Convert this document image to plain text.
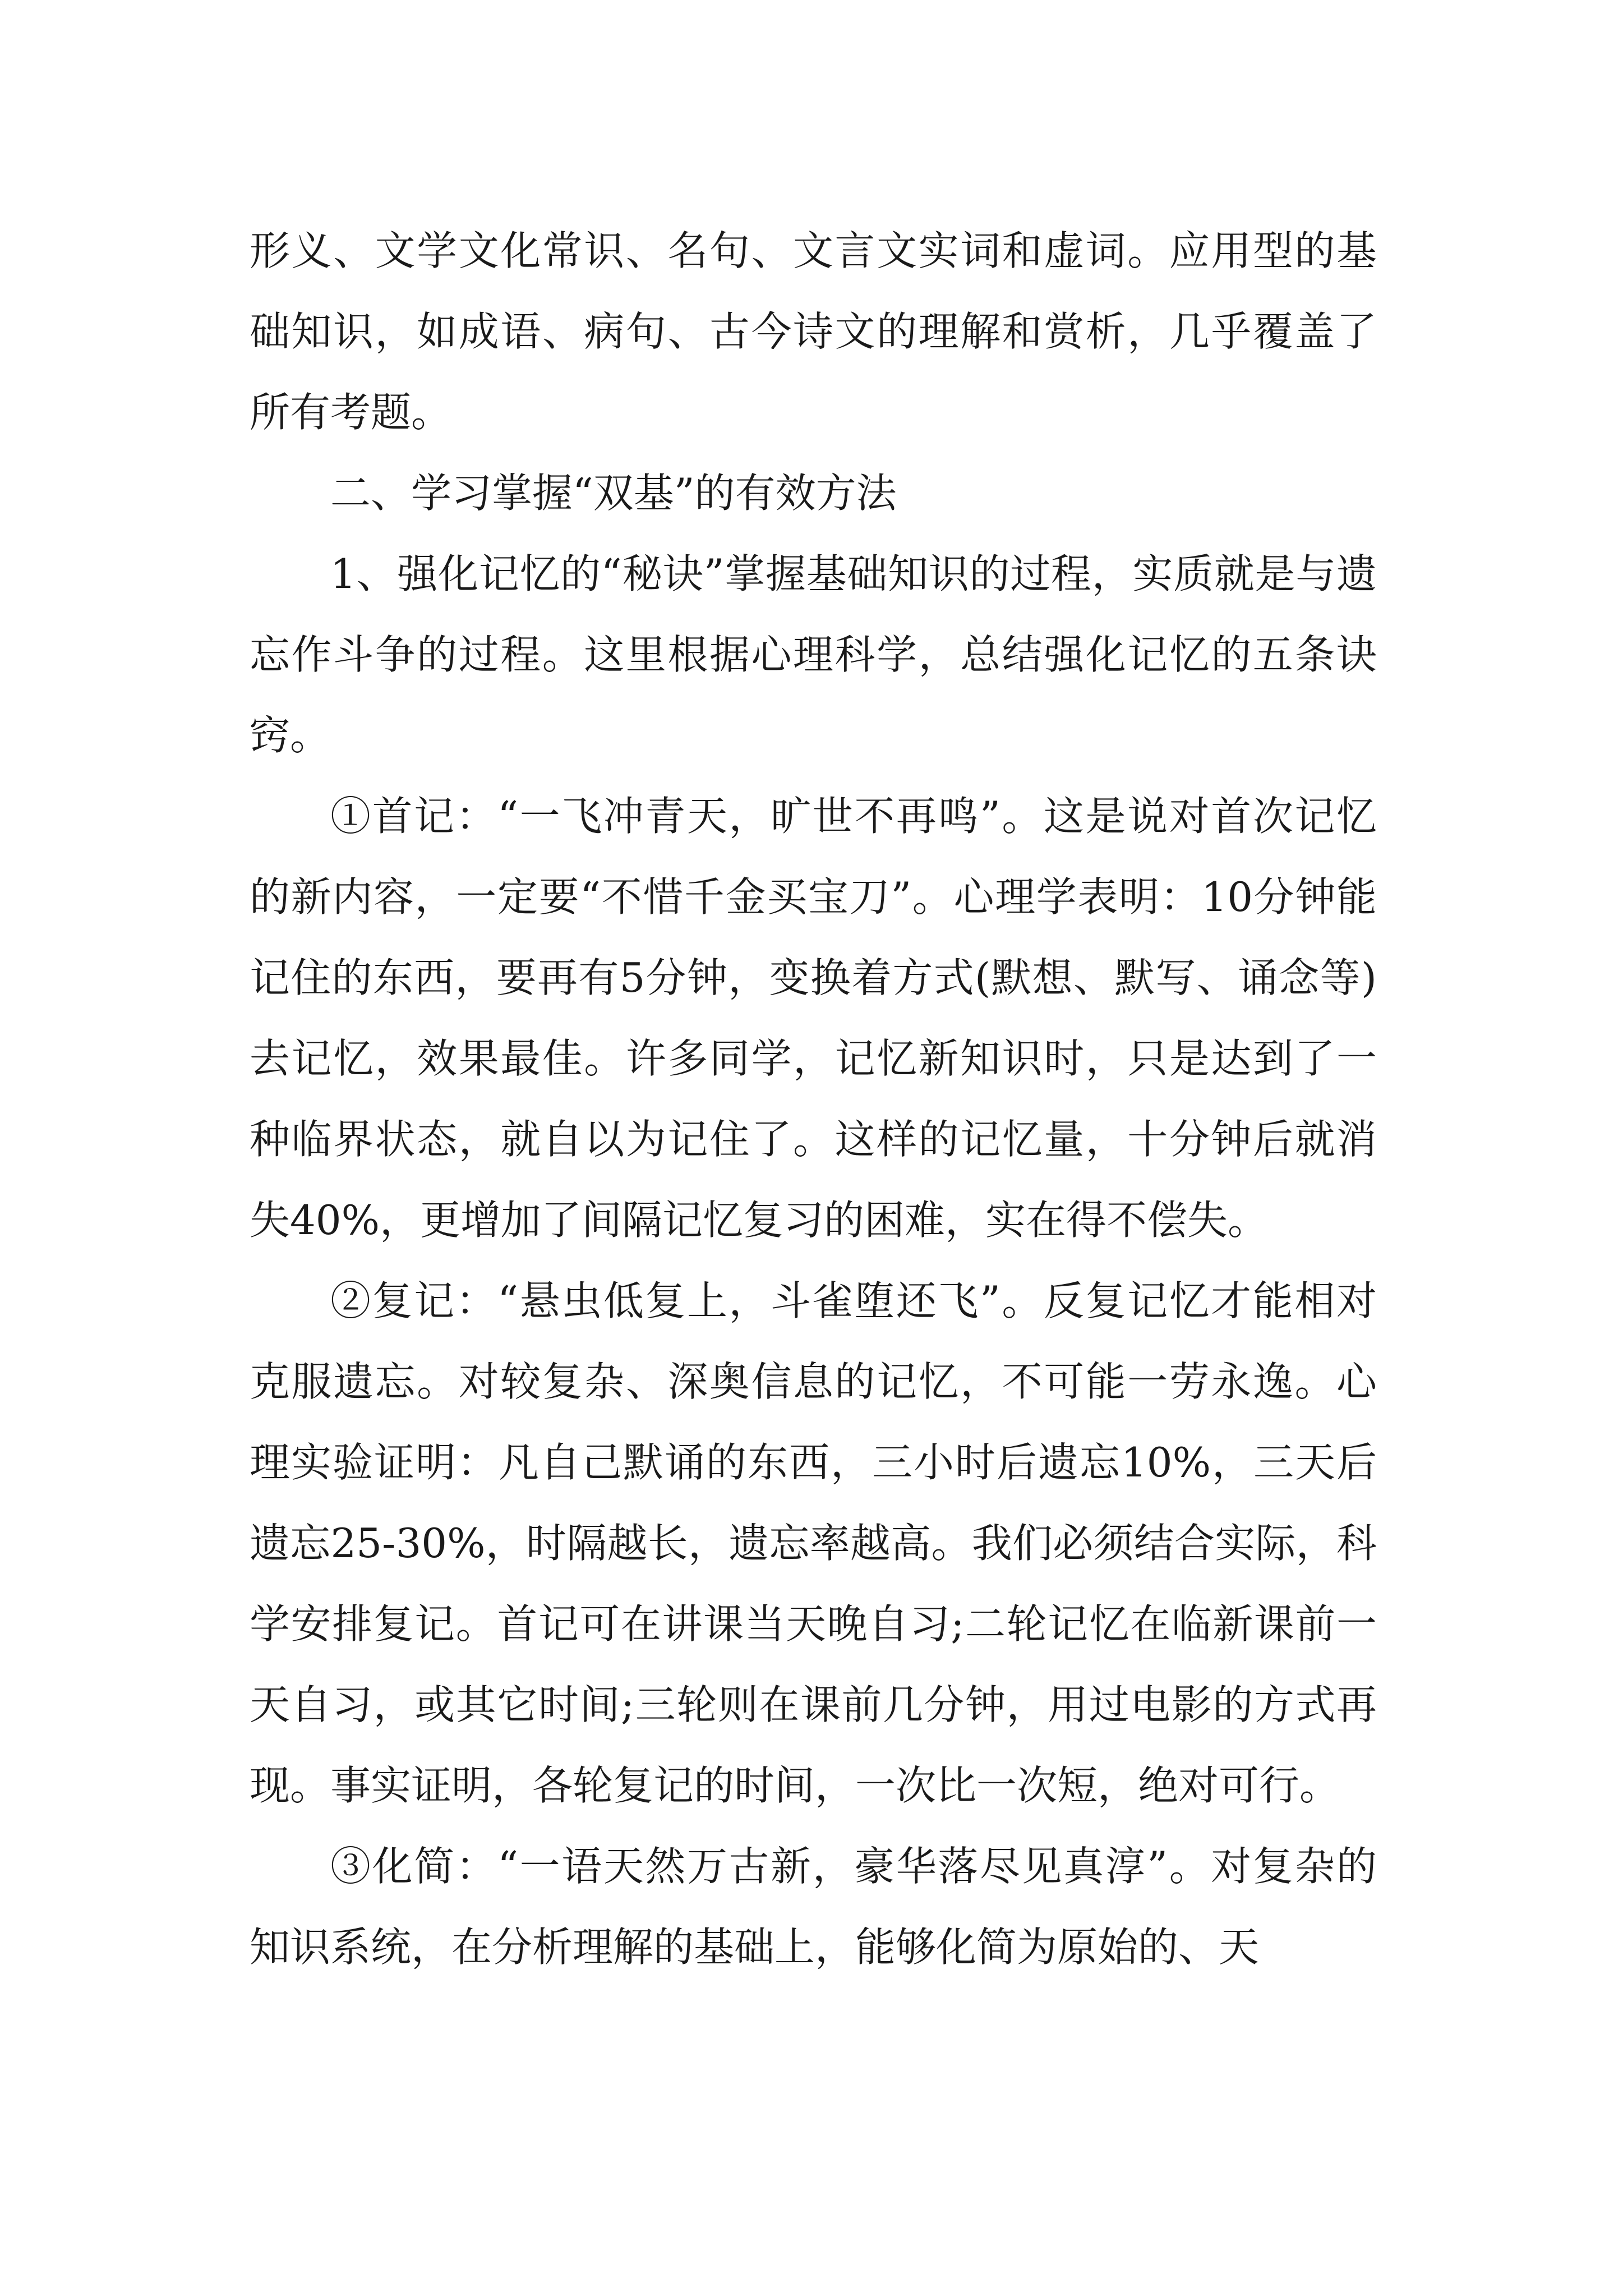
形义、文学文化常识、名句、文言文实词和虚词。应用型的基础知识，如成语、病句、古今诗文的理解和赏析，几乎覆盖了所有考题。

二、学习掌握“双基”的有效方法

1、强化记忆的“秘诀”掌握基础知识的过程，实质就是与遗忘作斗争的过程。这里根据心理科学，总结强化记忆的五条诀窍。

①首记：“一飞冲青天，旷世不再鸣”。这是说对首次记忆的新内容，一定要“不惜千金买宝刀”。心理学表明：10分钟能记住的东西，要再有5分钟，变换着方式(默想、默写、诵念等)去记忆，效果最佳。许多同学，记忆新知识时，只是达到了一种临界状态，就自以为记住了。这样的记忆量，十分钟后就消失40%，更增加了间隔记忆复习的困难，实在得不偿失。

②复记：“悬虫低复上，斗雀堕还飞”。反复记忆才能相对克服遗忘。对较复杂、深奥信息的记忆，不可能一劳永逸。心理实验证明：凡自己默诵的东西，三小时后遗忘10%，三天后遗忘25-30%，时隔越长，遗忘率越高。我们必须结合实际，科学安排复记。首记可在讲课当天晚自习;二轮记忆在临新课前一天自习，或其它时间;三轮则在课前几分钟，用过电影的方式再现。事实证明，各轮复记的时间，一次比一次短，绝对可行。

③化简：“一语天然万古新，豪华落尽见真淳”。对复杂的知识系统，在分析理解的基础上，能够化简为原始的、天
